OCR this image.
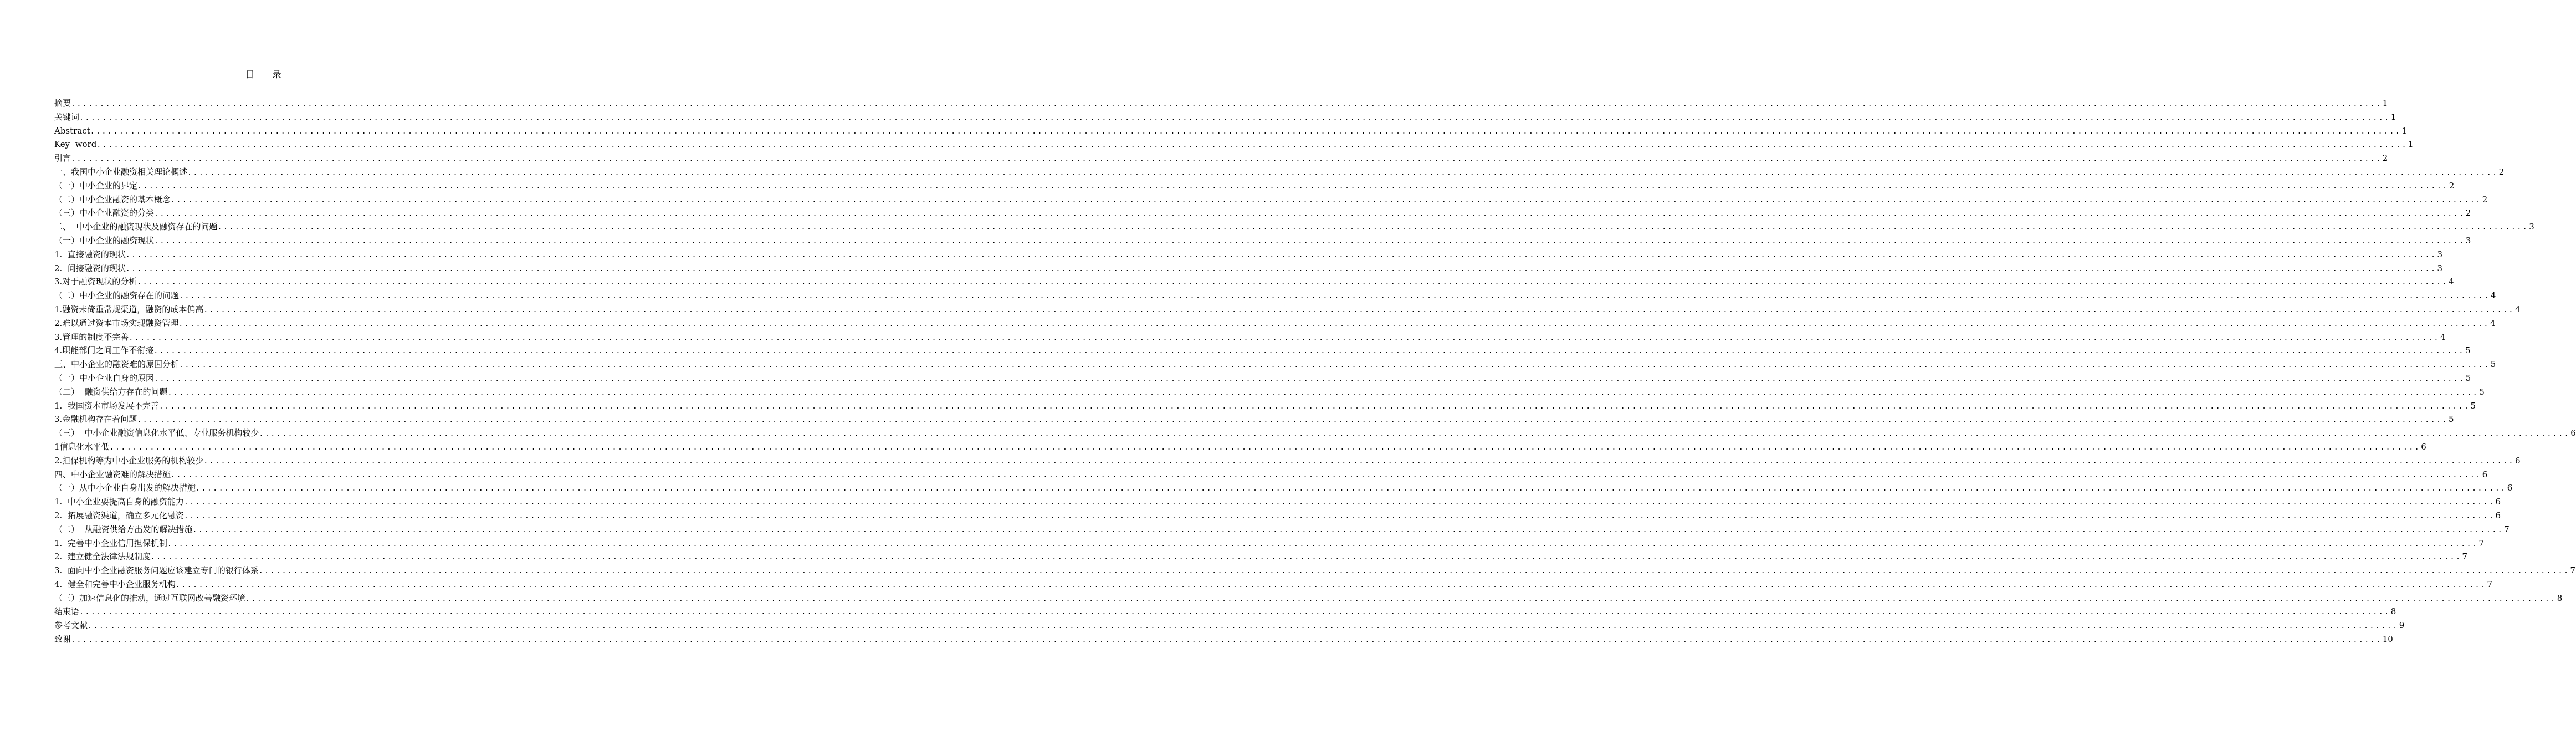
目 录
摘要 ................................................................................................................................................................................................................................................................................................................................................................................................................ 1
关键词 ................................................................................................................................................................................................................................................................................................................................................................................................................ 1
Abstract ................................................................................................................................................................................................................................................................................................................................................................................................................ 1
Key  word ................................................................................................................................................................................................................................................................................................................................................................................................................ 1
引言 ................................................................................................................................................................................................................................................................................................................................................................................................................ 2
一、我国中小企业融资相关理论概述 ................................................................................................................................................................................................................................................................................................................................................................................................................ 2
（一）中小企业的界定 ................................................................................................................................................................................................................................................................................................................................................................................................................ 2
（二）中小企业融资的基本概念 ................................................................................................................................................................................................................................................................................................................................................................................................................ 2
（三）中小企业融资的分类 ................................................................................................................................................................................................................................................................................................................................................................................................................ 2
二、  中小企业的融资现状及融资存在的问题 ................................................................................................................................................................................................................................................................................................................................................................................................................ 3
（一）中小企业的融资现状 ................................................................................................................................................................................................................................................................................................................................................................................................................ 3
1.  直接融资的现状 ................................................................................................................................................................................................................................................................................................................................................................................................................ 3
2.  间接融资的现状 ................................................................................................................................................................................................................................................................................................................................................................................................................ 3
3.对于融资现状的分析 ................................................................................................................................................................................................................................................................................................................................................................................................................ 4
（二）中小企业的融资存在的问题 ................................................................................................................................................................................................................................................................................................................................................................................................................ 4
1.融资未倚重常规渠道，融资的成本偏高 ................................................................................................................................................................................................................................................................................................................................................................................................................ 4
2.难以通过资本市场实现融资管理 ................................................................................................................................................................................................................................................................................................................................................................................................................ 4
3.管理的制度不完善 ................................................................................................................................................................................................................................................................................................................................................................................................................ 4
4.职能部门之间工作不衔接 ................................................................................................................................................................................................................................................................................................................................................................................................................ 5
三、中小企业的融资难的原因分析 ................................................................................................................................................................................................................................................................................................................................................................................................................ 5
（一）中小企业自身的原因 ................................................................................................................................................................................................................................................................................................................................................................................................................ 5
（二）  融资供给方存在的问题 ................................................................................................................................................................................................................................................................................................................................................................................................................ 5
1.  我国资本市场发展不完善 ................................................................................................................................................................................................................................................................................................................................................................................................................ 5
3.金融机构存在着问题 ................................................................................................................................................................................................................................................................................................................................................................................................................ 5
（三）  中小企业融资信息化水平低、专业服务机构较少 ................................................................................................................................................................................................................................................................................................................................................................................................................ 6
1信息化水平低 ................................................................................................................................................................................................................................................................................................................................................................................................................ 6
2.担保机构等为中小企业服务的机构较少 ................................................................................................................................................................................................................................................................................................................................................................................................................ 6
四、中小企业融资难的解决措施 ................................................................................................................................................................................................................................................................................................................................................................................................................ 6
（一）从中小企业自身出发的解决措施 ................................................................................................................................................................................................................................................................................................................................................................................................................ 6
1.  中小企业要提高自身的融资能力 ................................................................................................................................................................................................................................................................................................................................................................................................................ 6
2.  拓展融资渠道，确立多元化融资 ................................................................................................................................................................................................................................................................................................................................................................................................................ 6
（二）  从融资供给方出发的解决措施 ................................................................................................................................................................................................................................................................................................................................................................................................................ 7
1.  完善中小企业信用担保机制 ................................................................................................................................................................................................................................................................................................................................................................................................................ 7
2.  建立健全法律法规制度 ................................................................................................................................................................................................................................................................................................................................................................................................................ 7
3.  面向中小企业融资服务问题应该建立专门的银行体系 ................................................................................................................................................................................................................................................................................................................................................................................................................ 7
4.  健全和完善中小企业服务机构 ................................................................................................................................................................................................................................................................................................................................................................................................................ 7
（三）加速信息化的推动，通过互联网改善融资环境 ................................................................................................................................................................................................................................................................................................................................................................................................................ 8
结束语 ................................................................................................................................................................................................................................................................................................................................................................................................................ 8
参考文献 ................................................................................................................................................................................................................................................................................................................................................................................................................ 9
致谢 ................................................................................................................................................................................................................................................................................................................................................................................................................ 10
